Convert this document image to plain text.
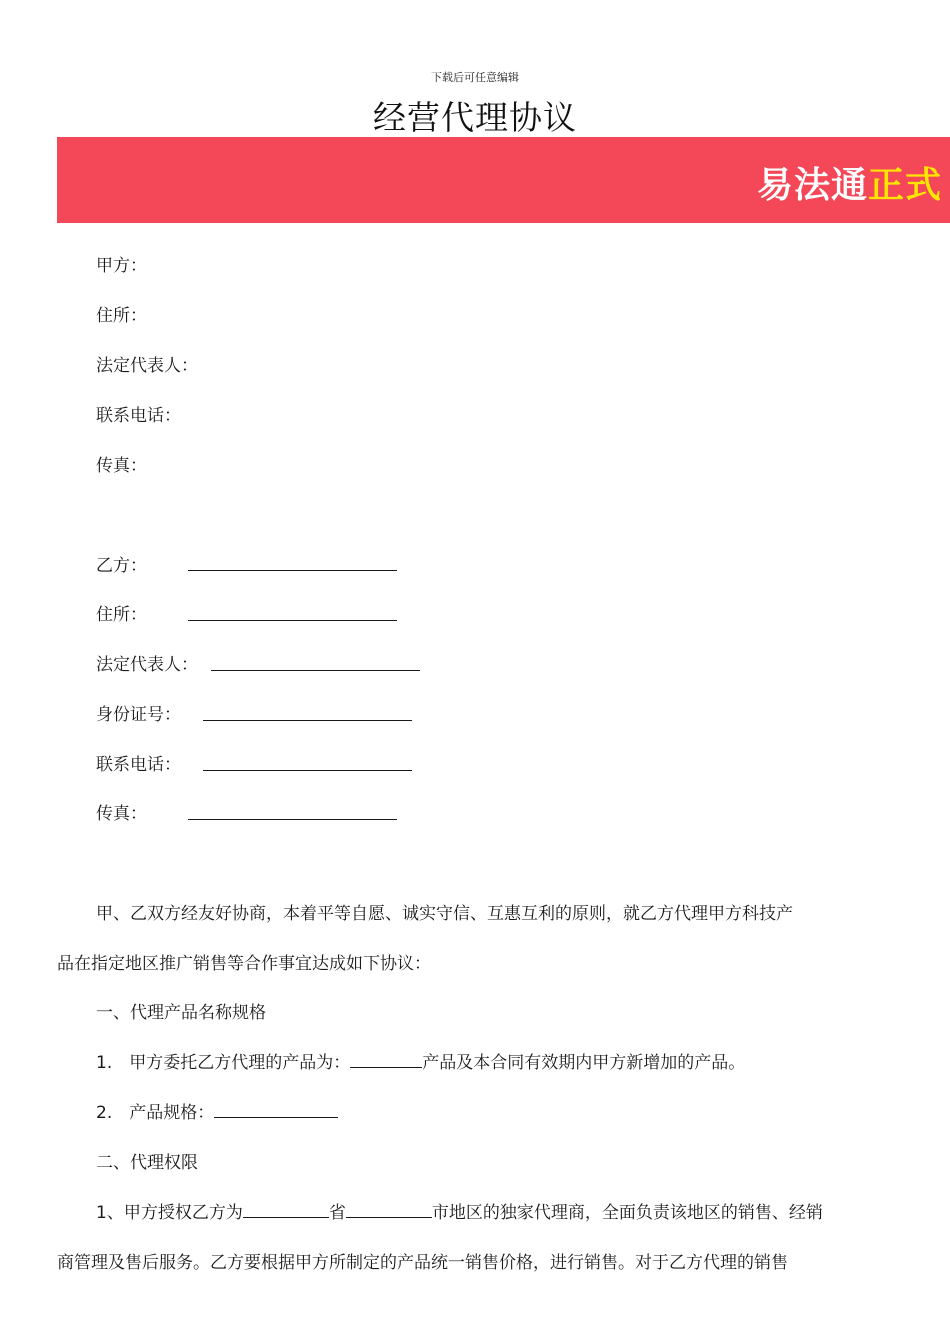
下载后可任意编辑
经营代理协议
易法通正式
甲方：
住所：
法定代表人：
联系电话：
传真：
乙方：
住所：
法定代表人：
身份证号：
联系电话：
传真：
甲、乙双方经友好协商，本着平等自愿、诚实守信、互惠互利的原则，就乙方代理甲方科技产
品在指定地区推广销售等合作事宜达成如下协议：
一、代理产品名称规格
1.　甲方委托乙方代理的产品为：	产品及本合同有效期内甲方新增加的产品。
2.　产品规格：
二、代理权限
1、甲方授权乙方为	省	市地区的独家代理商，全面负责该地区的销售、经销
商管理及售后服务。乙方要根据甲方所制定的产品统一销售价格，进行销售。对于乙方代理的销售
